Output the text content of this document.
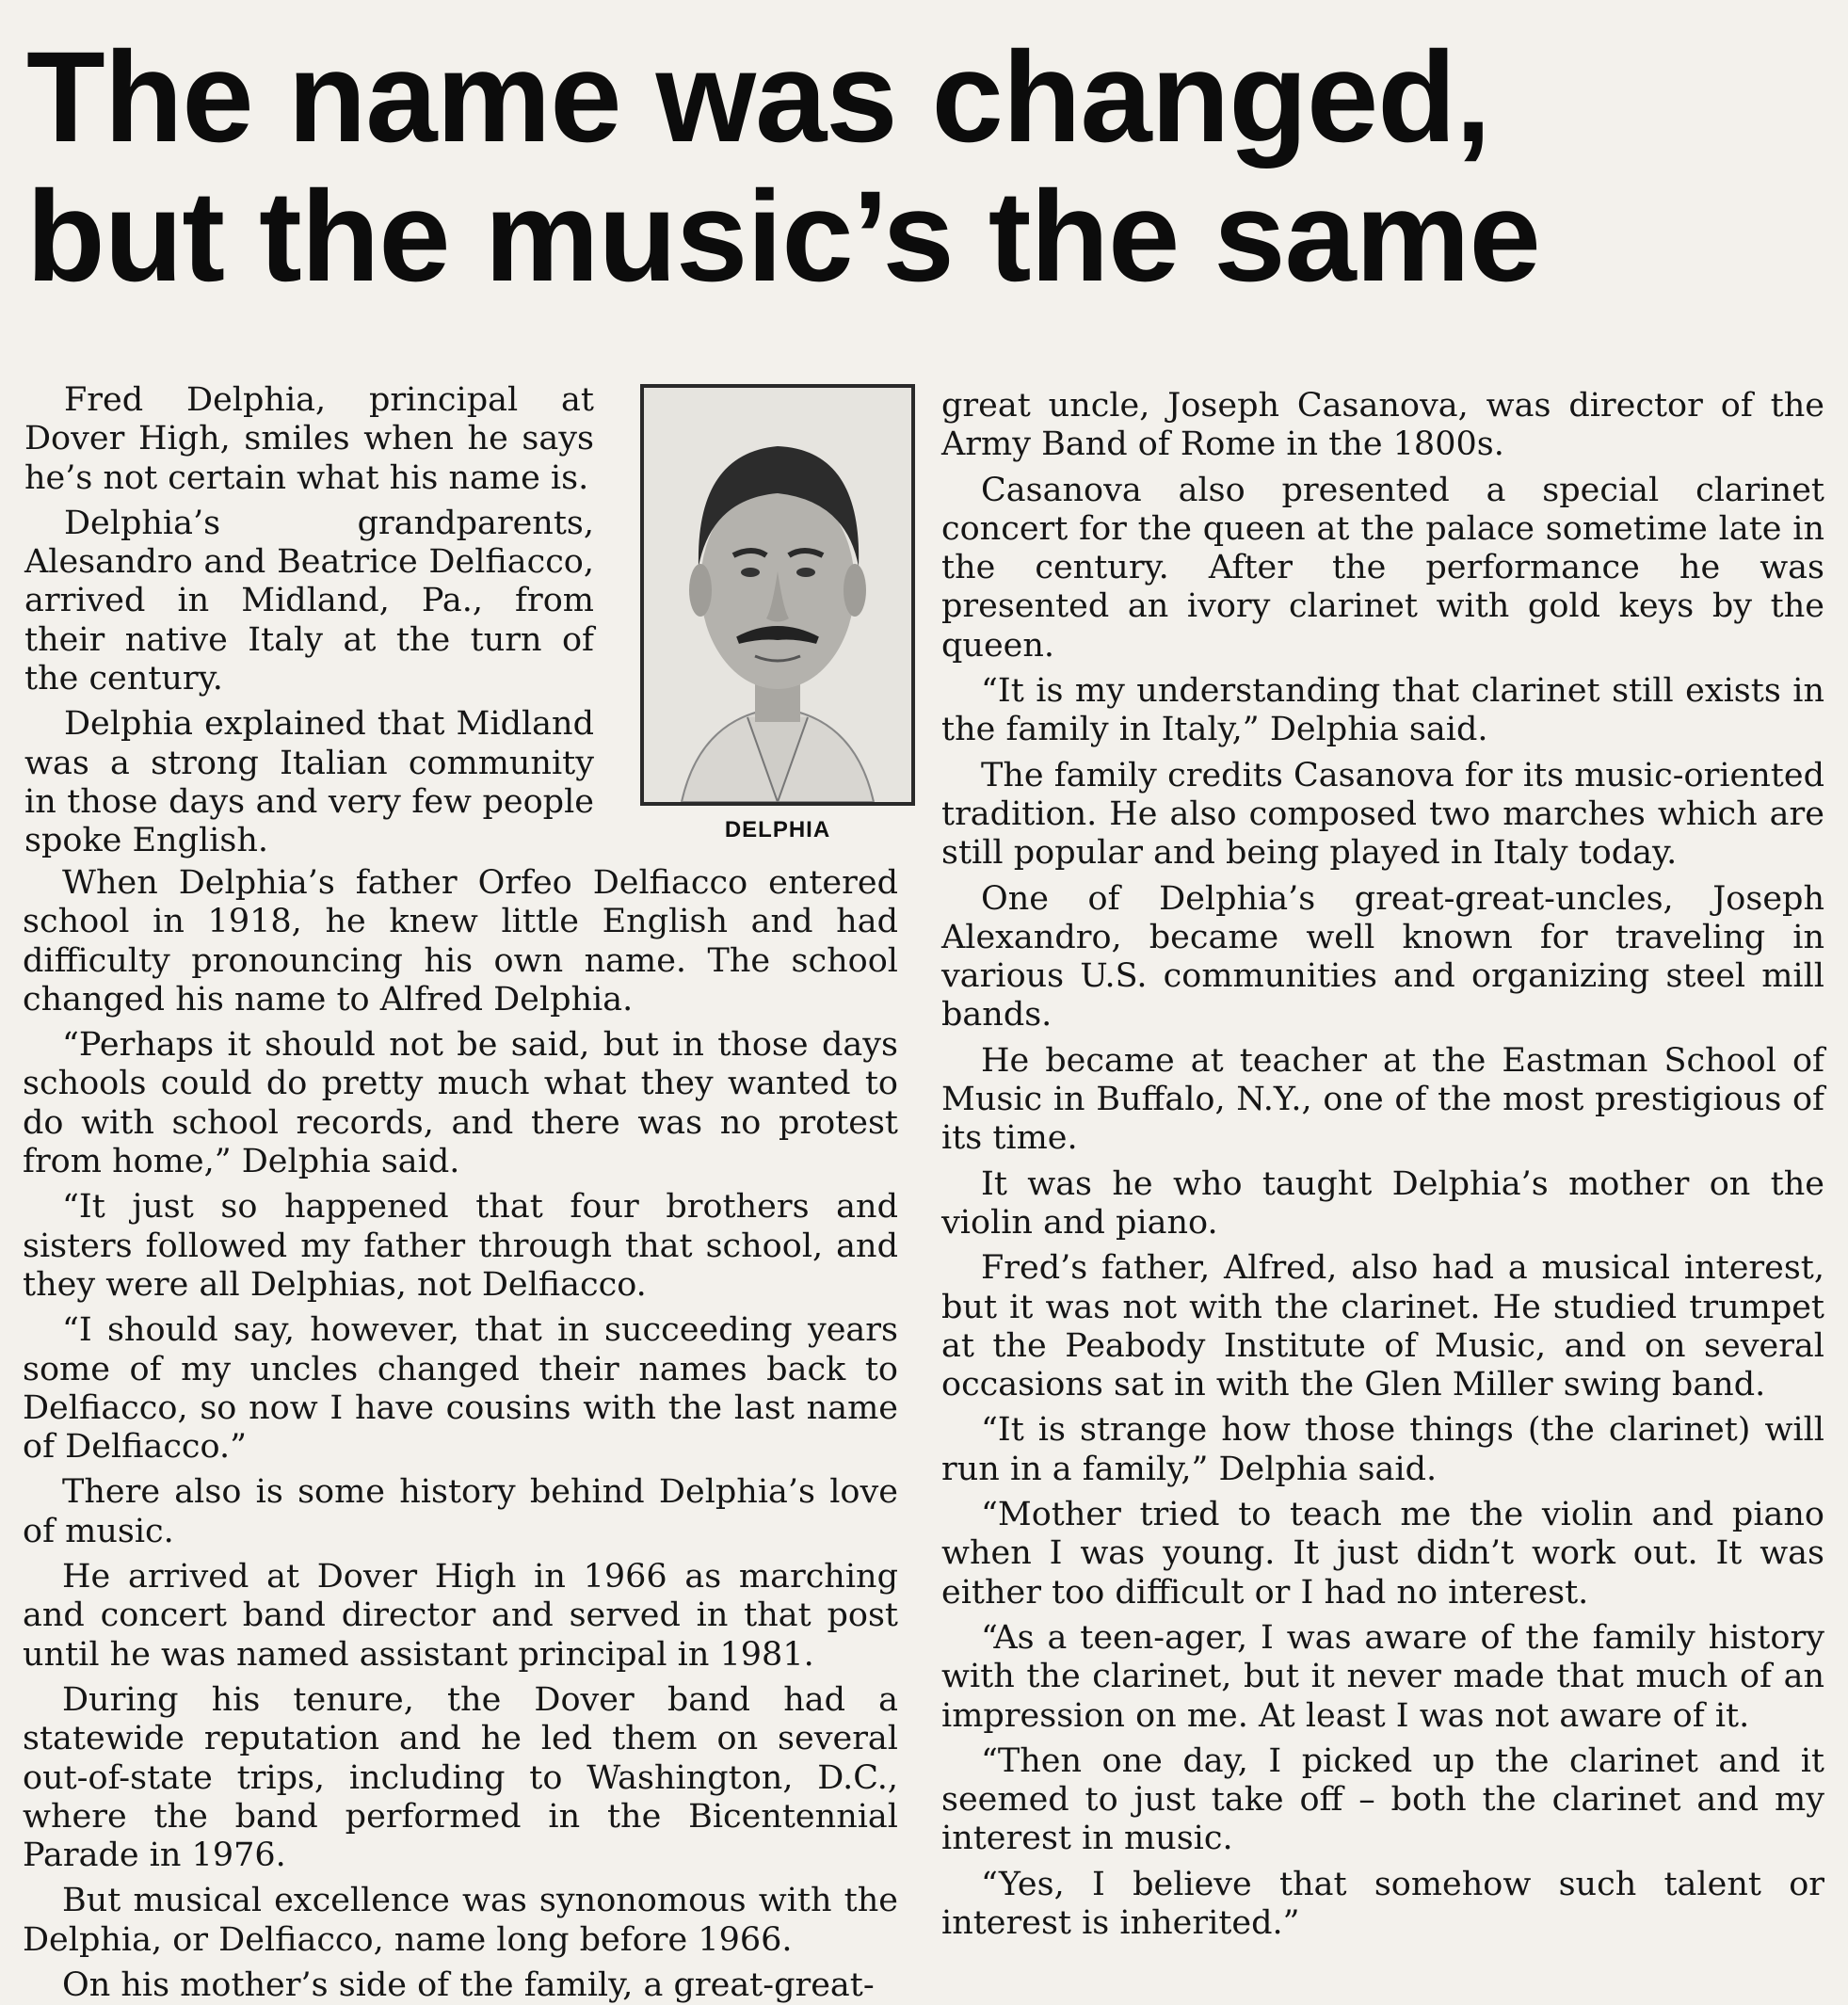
The name was changed,
but the music’s the same

Fred Delphia, principal at Dover High, smiles when he says he’s not certain what his name is.

Delphia’s grandparents, Alesandro and Beatrice Delfiacco, arrived in Midland, Pa., from their native Italy at the turn of the century.

Delphia explained that Midland was a strong Italian community in those days and very few people spoke English.	DELPHIA

When Delphia’s father Orfeo Delfiacco entered school in 1918, he knew little English and had difficulty pronouncing his own name. The school changed his name to Alfred Delphia.

“Perhaps it should not be said, but in those days schools could do pretty much what they wanted to do with school records, and there was no protest from home,” Delphia said.

“It just so happened that four brothers and sisters followed my father through that school, and they were all Delphias, not Delfiacco.

“I should say, however, that in succeeding years some of my uncles changed their names back to Delfiacco, so now I have cousins with the last name of Delfiacco.”

There also is some history behind Delphia’s love of music.

He arrived at Dover High in 1966 as marching and concert band director and served in that post until he was named assistant principal in 1981.

During his tenure, the Dover band had a statewide reputation and he led them on several out-of-state trips, including to Washington, D.C., where the band performed in the Bicentennial Parade in 1976.

But musical excellence was synonomous with the Delphia, or Delfiacco, name long before 1966.

On his mother’s side of the family, a great-great-

great uncle, Joseph Casanova, was director of the Army Band of Rome in the 1800s.

Casanova also presented a special clarinet concert for the queen at the palace sometime late in the century. After the performance he was presented an ivory clarinet with gold keys by the queen.

“It is my understanding that clarinet still exists in the family in Italy,” Delphia said.

The family credits Casanova for its music-oriented tradition. He also composed two marches which are still popular and being played in Italy today.

One of Delphia’s great-great-uncles, Joseph Alexandro, became well known for traveling in various U.S. communities and organizing steel mill bands.

He became at teacher at the Eastman School of Music in Buffalo, N.Y., one of the most prestigious of its time.

It was he who taught Delphia’s mother on the violin and piano.

Fred’s father, Alfred, also had a musical interest, but it was not with the clarinet. He studied trumpet at the Peabody Institute of Music, and on several occasions sat in with the Glen Miller swing band.

“It is strange how those things (the clarinet) will run in a family,” Delphia said.

“Mother tried to teach me the violin and piano when I was young. It just didn’t work out. It was either too difficult or I had no interest.

“As a teen-ager, I was aware of the family history with the clarinet, but it never made that much of an impression on me. At least I was not aware of it.

“Then one day, I picked up the clarinet and it seemed to just take off – both the clarinet and my interest in music.

“Yes, I believe that somehow such talent or interest is inherited.”
